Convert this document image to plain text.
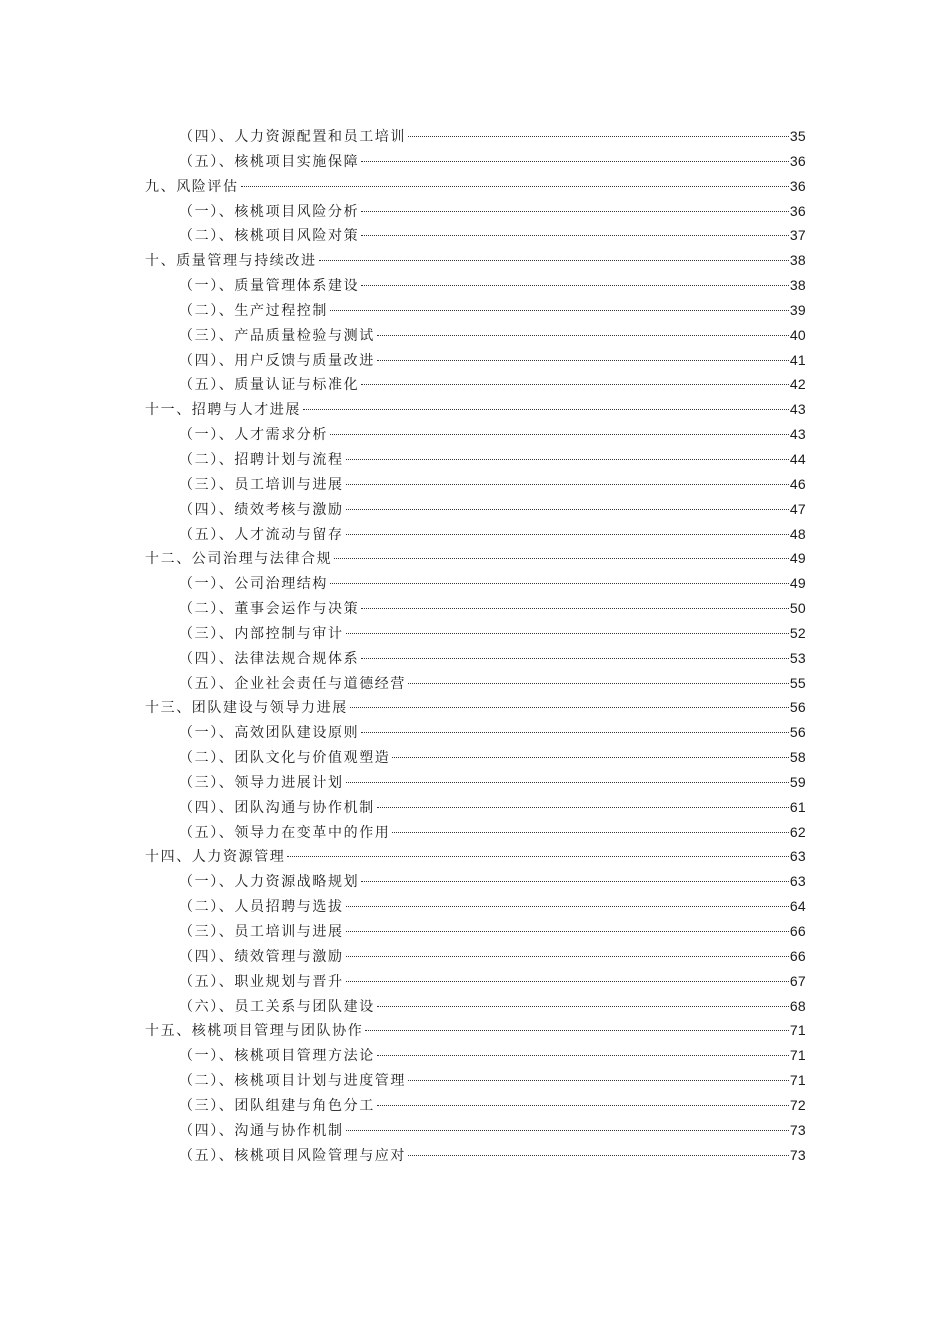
（四）、人力资源配置和员工培训	35
（五）、核桃项目实施保障	36
九、风险评估	36
（一）、核桃项目风险分析	36
（二）、核桃项目风险对策	37
十、质量管理与持续改进	38
（一）、质量管理体系建设	38
（二）、生产过程控制	39
（三）、产品质量检验与测试	40
（四）、用户反馈与质量改进	41
（五）、质量认证与标准化	42
十一、招聘与人才进展	43
（一）、人才需求分析	43
（二）、招聘计划与流程	44
（三）、员工培训与进展	46
（四）、绩效考核与激励	47
（五）、人才流动与留存	48
十二、公司治理与法律合规	49
（一）、公司治理结构	49
（二）、董事会运作与决策	50
（三）、内部控制与审计	52
（四）、法律法规合规体系	53
（五）、企业社会责任与道德经营	55
十三、团队建设与领导力进展	56
（一）、高效团队建设原则	56
（二）、团队文化与价值观塑造	58
（三）、领导力进展计划	59
（四）、团队沟通与协作机制	61
（五）、领导力在变革中的作用	62
十四、人力资源管理	63
（一）、人力资源战略规划	63
（二）、人员招聘与选拔	64
（三）、员工培训与进展	66
（四）、绩效管理与激励	66
（五）、职业规划与晋升	67
（六）、员工关系与团队建设	68
十五、核桃项目管理与团队协作	71
（一）、核桃项目管理方法论	71
（二）、核桃项目计划与进度管理	71
（三）、团队组建与角色分工	72
（四）、沟通与协作机制	73
（五）、核桃项目风险管理与应对	73
